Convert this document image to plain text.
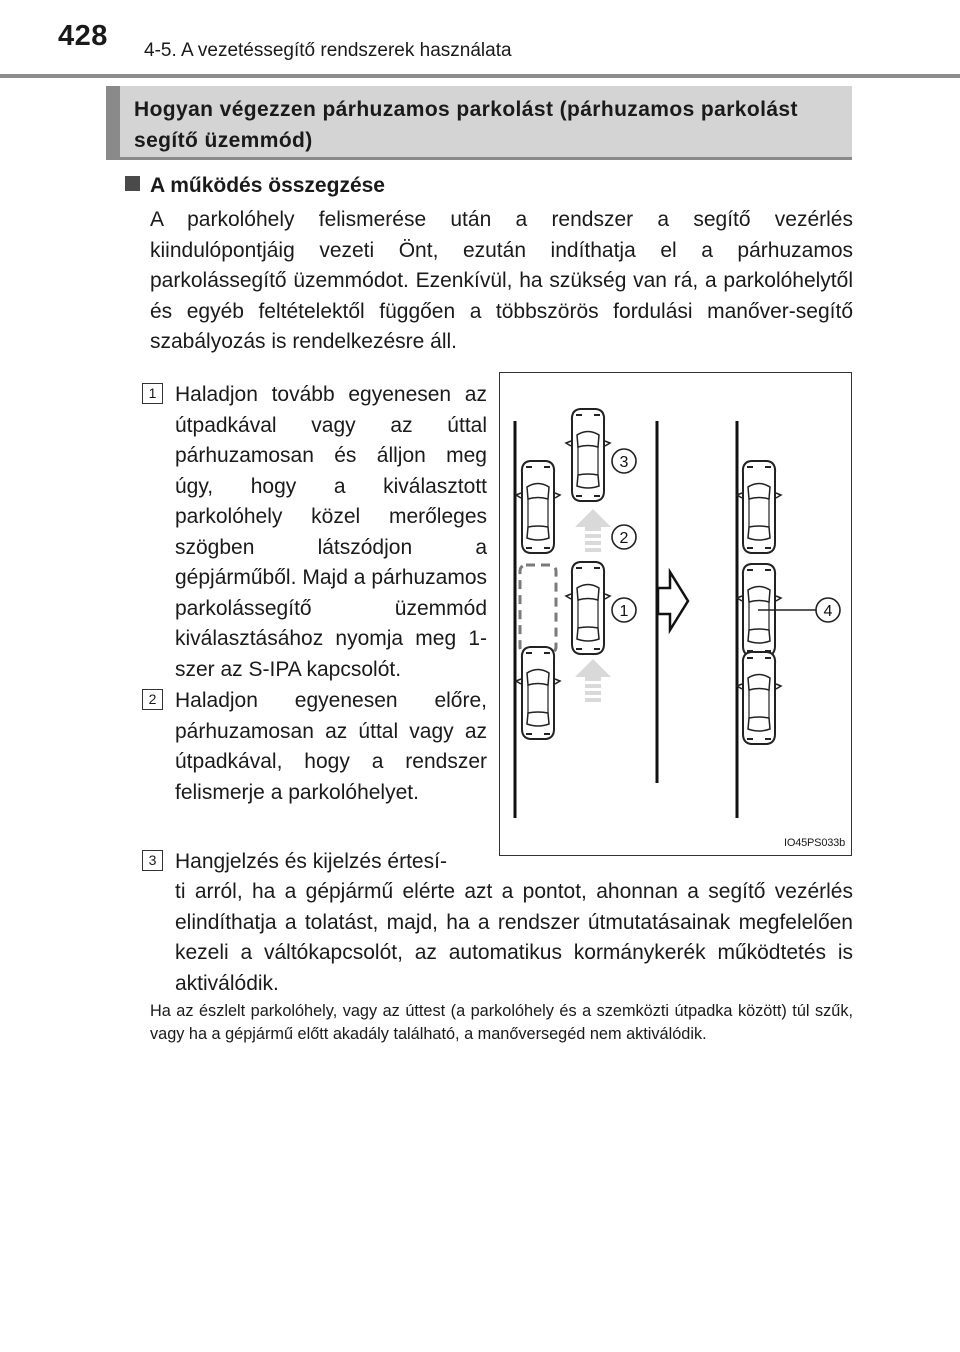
428 4-5. A vezetéssegítő rendszerek használata
Hogyan végezzen párhuzamos parkolást (párhuzamos parkolást segítő üzemmód)
A működés összegzése
A parkolóhely felismerése után a rendszer a segítő vezérlés kiindulópontjáig vezeti Önt, ezután indíthatja el a párhuzamos parkolássegítő üzemmódot. Ezenkívül, ha szükség van rá, a parkolóhelytől és egyéb feltételektől függően a többszörös fordulási manőver-segítő szabályozás is rendelkezésre áll.
1 Haladjon tovább egyenesen az útpadkával vagy az úttal párhuzamosan és álljon meg úgy, hogy a kiválasztott parkolóhely közel merőleges szögben látszódjon a gépjárműből. Majd a párhuzamos parkolássegítő üzemmód kiválasztásához nyomja meg 1-szer az S-IPA kapcsolót.
2 Haladjon egyenesen előre, párhuzamosan az úttal vagy az útpadkával, hogy a rendszer felismerje a parkolóhelyet.
3 Hangjelzés és kijelzés értesí-
ti arról, ha a gépjármű elérte azt a pontot, ahonnan a segítő vezérlés elindíthatja a tolatást, majd, ha a rendszer útmutatásainak megfelelően kezeli a váltókapcsolót, az automatikus kormánykerék működtetés is aktiválódik.
3
2
1	4
IO45PS033b
Ha az észlelt parkolóhely, vagy az úttest (a parkolóhely és a szemközti útpadka között) túl szűk, vagy ha a gépjármű előtt akadály található, a manőversegéd nem aktiválódik.
